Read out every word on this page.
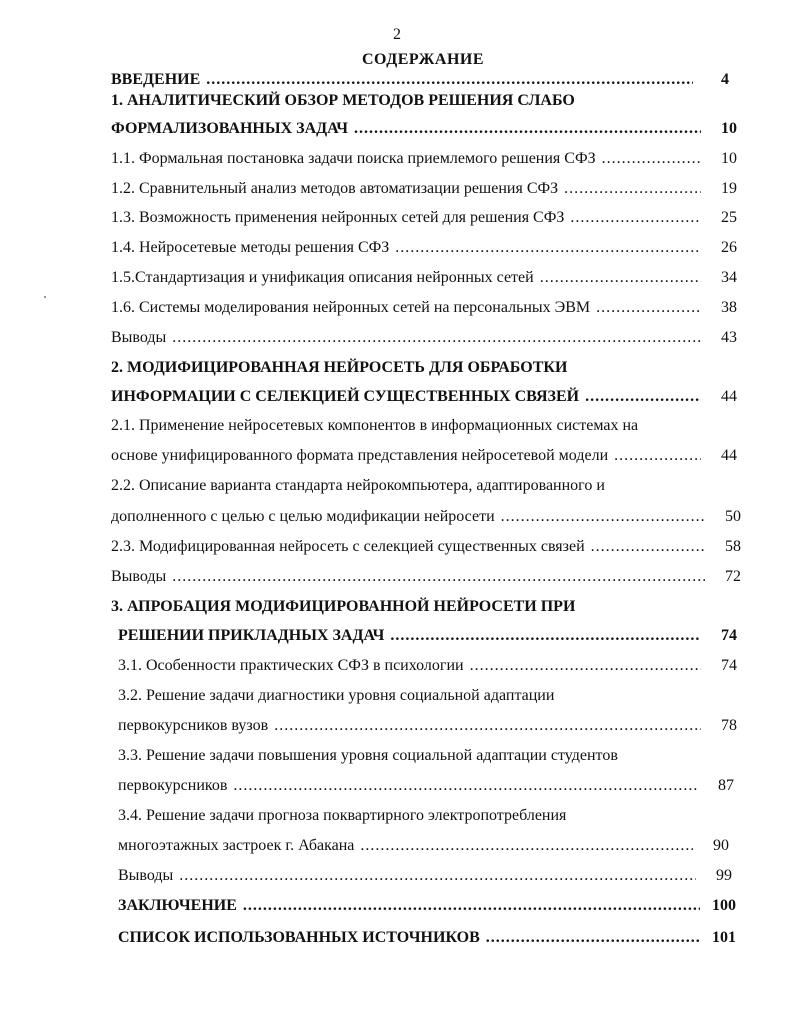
2
СОДЕРЖАНИЕ
ВВЕДЕНИЕ .....	4
1. АНАЛИТИЧЕСКИЙ ОБЗОР МЕТОДОВ РЕШЕНИЯ СЛАБО
ФОРМАЛИЗОВАННЫХ ЗАДАЧ .....	10
1.1. Формальная постановка задачи поиска приемлемого решения СФЗ .....	10
1.2. Сравнительный анализ методов автоматизации решения СФЗ .....	19
1.3. Возможность применения нейронных сетей для решения СФЗ .....	25
1.4. Нейросетевые методы решения СФЗ .....	26
1.5.Стандартизация и унификация описания нейронных сетей .....	34
1.6. Системы моделирования нейронных сетей на персональных ЭВМ .....	38
Выводы .....	43
2. МОДИФИЦИРОВАННАЯ НЕЙРОСЕТЬ ДЛЯ ОБРАБОТКИ
ИНФОРМАЦИИ С СЕЛЕКЦИЕЙ СУЩЕСТВЕННЫХ СВЯЗЕЙ .....	44
2.1. Применение нейросетевых компонентов в информационных системах на
основе унифицированного формата представления нейросетевой модели .....	44
2.2. Описание варианта стандарта нейрокомпьютера, адаптированного и
дополненного с целью с целью модификации нейросети .....	50
2.3. Модифицированная нейросеть с селекцией существенных связей .....	58
Выводы .....	72
3. АПРОБАЦИЯ МОДИФИЦИРОВАННОЙ НЕЙРОСЕТИ ПРИ
РЕШЕНИИ ПРИКЛАДНЫХ ЗАДАЧ .....	74
3.1. Особенности практических СФЗ в психологии .....	74
3.2. Решение задачи диагностики уровня социальной адаптации
первокурсников вузов .....	78
3.3. Решение задачи повышения уровня социальной адаптации студентов
первокурсников .....	87
3.4. Решение задачи прогноза поквартирного электропотребления
многоэтажных застроек г. Абакана .....	90
Выводы .....	99
ЗАКЛЮЧЕНИЕ .....	100
СПИСОК ИСПОЛЬЗОВАННЫХ ИСТОЧНИКОВ .....	101
